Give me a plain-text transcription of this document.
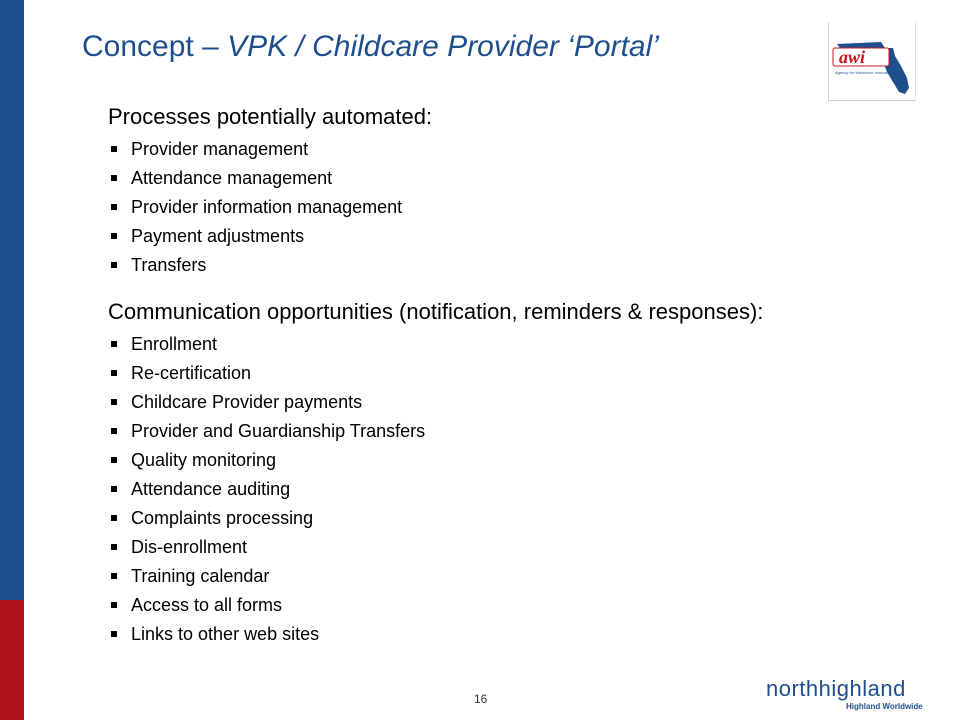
Concept – VPK / Childcare Provider ‘Portal’	awi
Agency for Workforce Innovation
Processes potentially automated:
Provider management
Attendance management
Provider information management
Payment adjustments
Transfers
Communication opportunities (notification, reminders & responses):
Enrollment
Re-certification
Childcare Provider payments
Provider and Guardianship Transfers
Quality monitoring
Attendance auditing
Complaints processing
Dis-enrollment
Training calendar
Access to all forms
Links to other web sites
16	northhighland
Highland Worldwide
